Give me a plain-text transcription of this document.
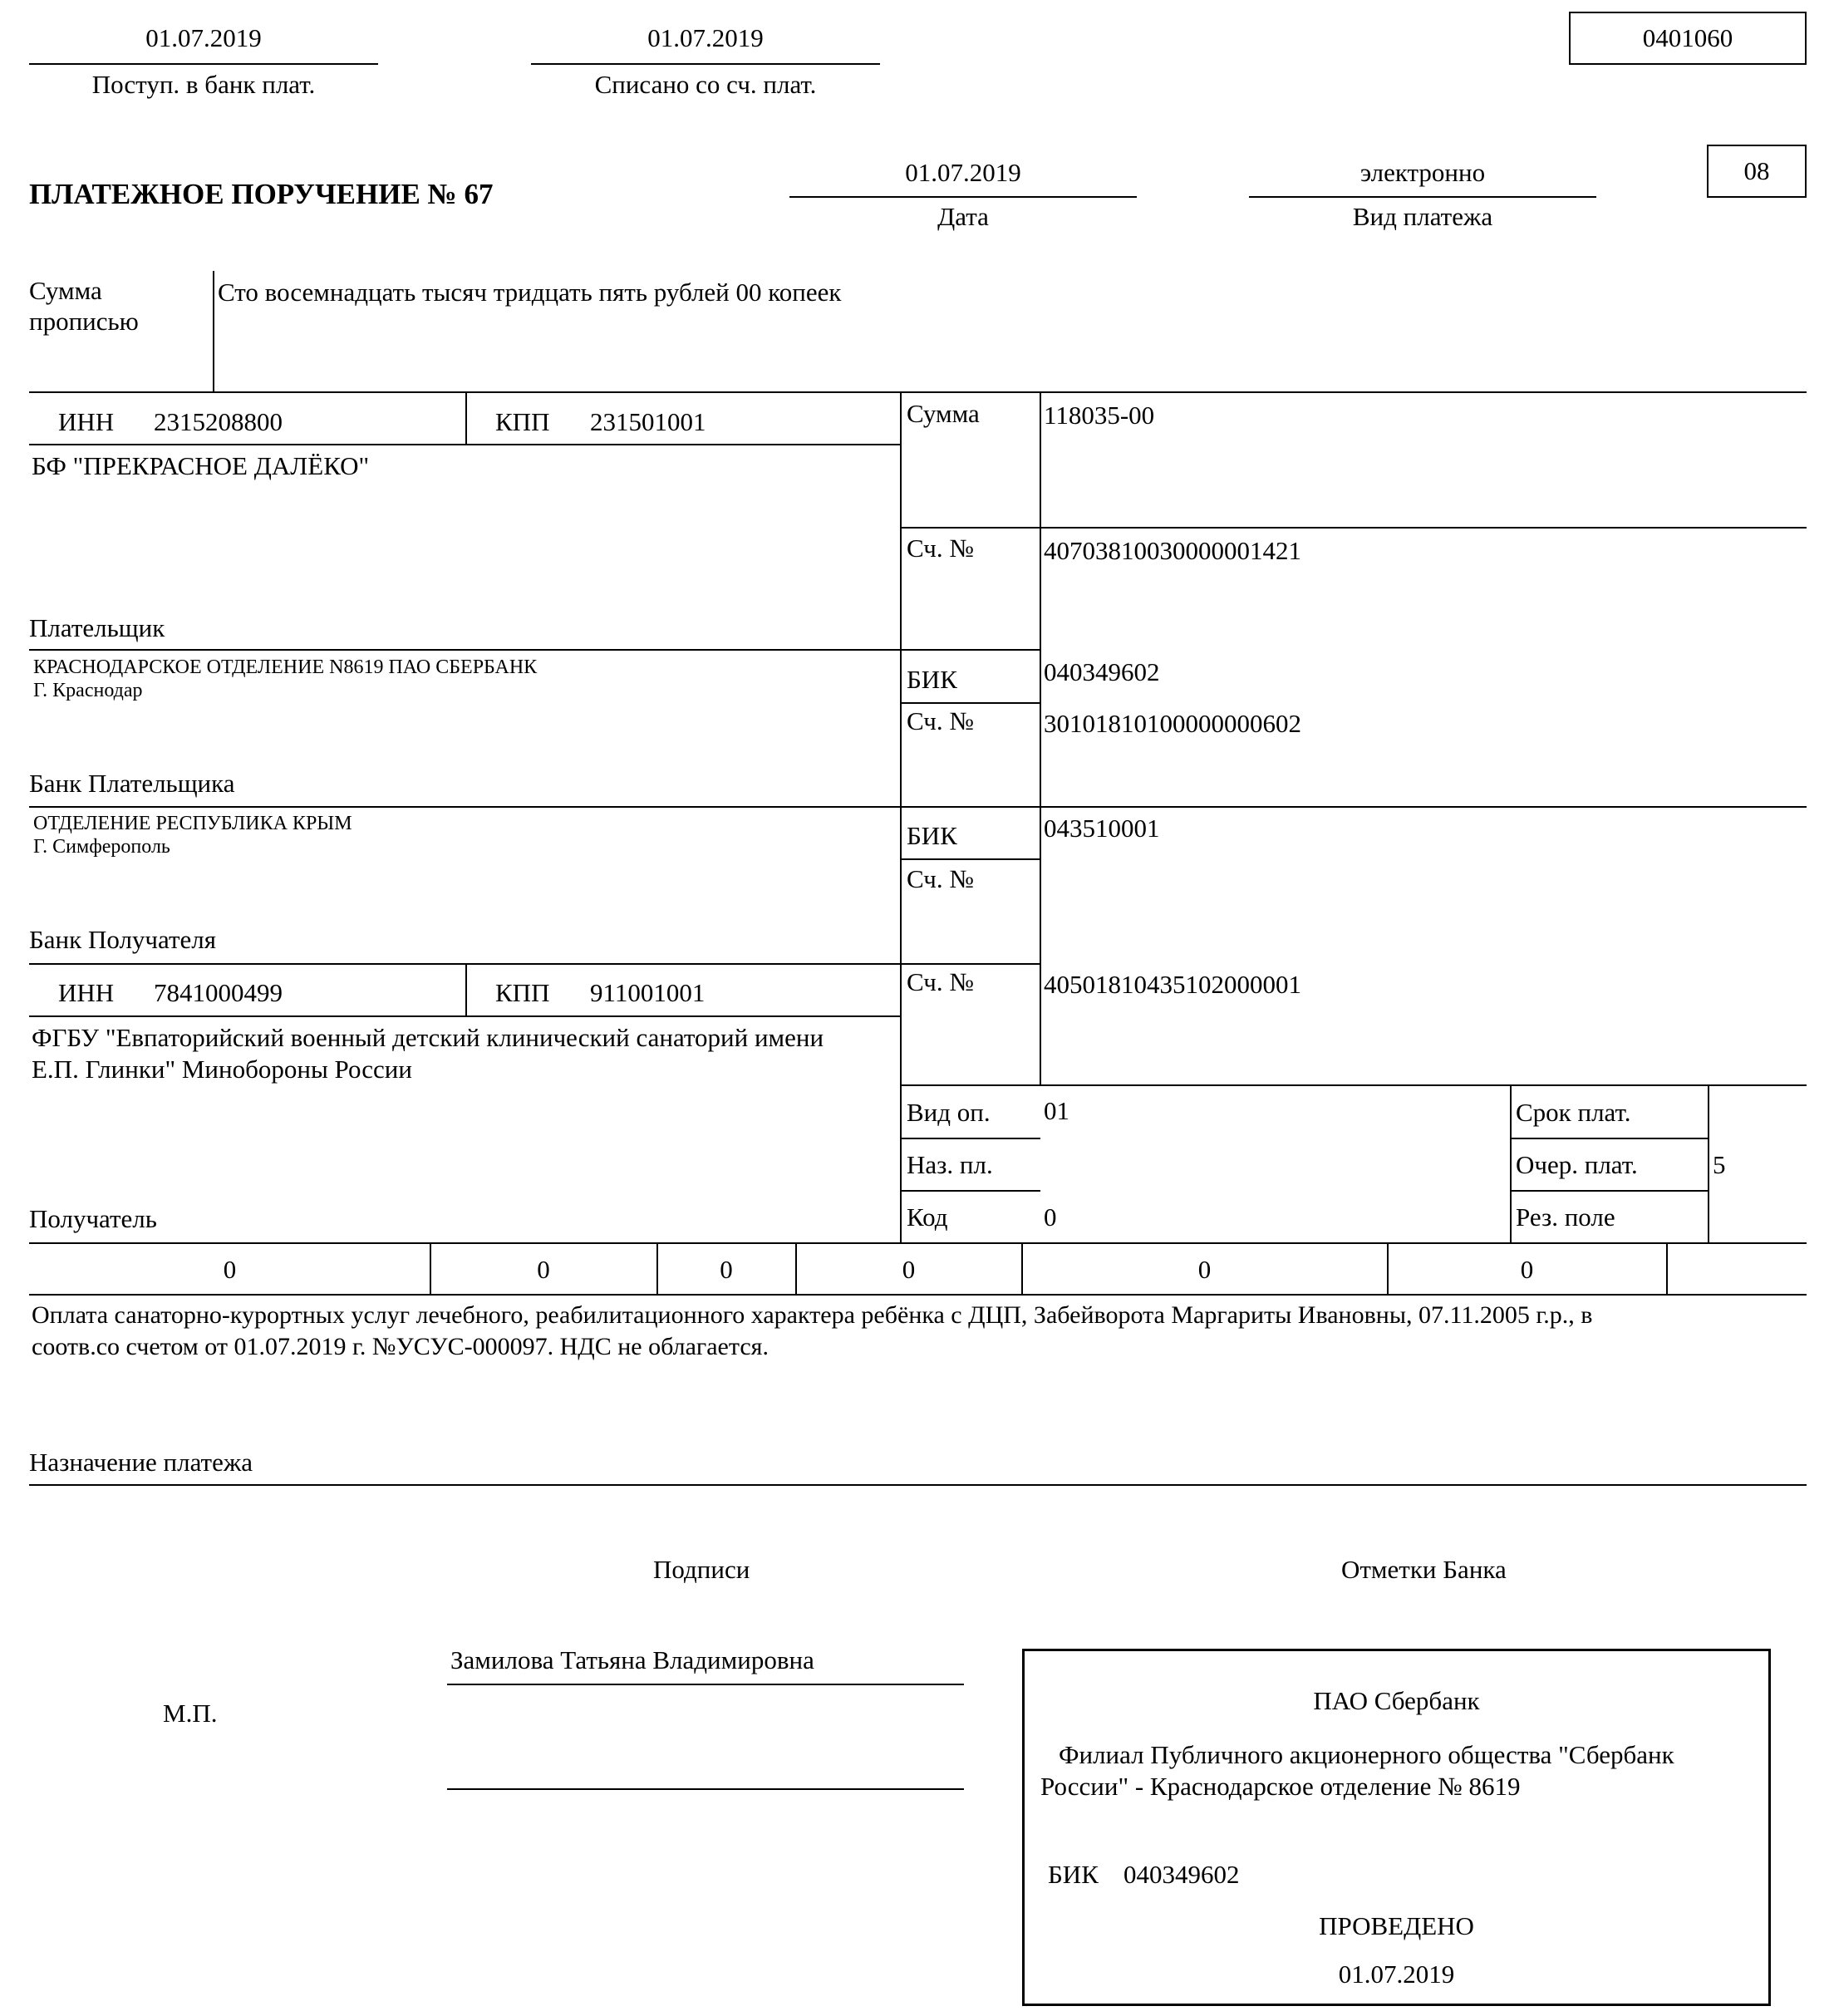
01.07.2019
Поступ. в банк плат.
01.07.2019
Списано со сч. плат.
0401060
ПЛАТЕЖНОЕ ПОРУЧЕНИЕ № 67
01.07.2019
Дата
электронно
Вид платежа
08
Сумма
прописью
Сто восемнадцать тысяч тридцать пять рублей 00 копеек
ИНН 2315208800	КПП 231501001
БФ "ПРЕКРАСНОЕ ДАЛЁКО"
Плательщик
Сумма 118035-00
Сч. №	40703810030000001421
КРАСНОДАРСКОЕ ОТДЕЛЕНИЕ N8619 ПАО СБЕРБАНК
Г. Краснодар
Банк Плательщика
БИК	040349602
Сч. №	30101810100000000602
ОТДЕЛЕНИЕ РЕСПУБЛИКА КРЫМ
Г. Симферополь
Банк Получателя
БИК	043510001
Сч. №
ИНН 7841000499	КПП 911001001
ФГБУ "Евпаторийский военный детский клинический санаторий имени
Е.П. Глинки" Минобороны России
Получатель
Сч. №	40501810435102000001
Вид оп. 01
Наз. пл.
Код	0
Срок плат.
Очер. плат.	5
Рез. поле
0	0	0	0	0	0
Оплата санаторно-курортных услуг лечебного, реабилитационного характера ребёнка с ДЦП, Забейворота Маргариты Ивановны, 07.11.2005 г.р., в
соотв.со счетом от 01.07.2019 г. №УСУС-000097. НДС не облагается.
Назначение платежа
Подписи
М.П.
Замилова Татьяна Владимировна
Отметки Банка
ПАО Сбербанк
Филиал Публичного акционерного общества "Сбербанк
России" - Краснодарское отделение № 8619
БИК 040349602
ПРОВЕДЕНО
01.07.2019
